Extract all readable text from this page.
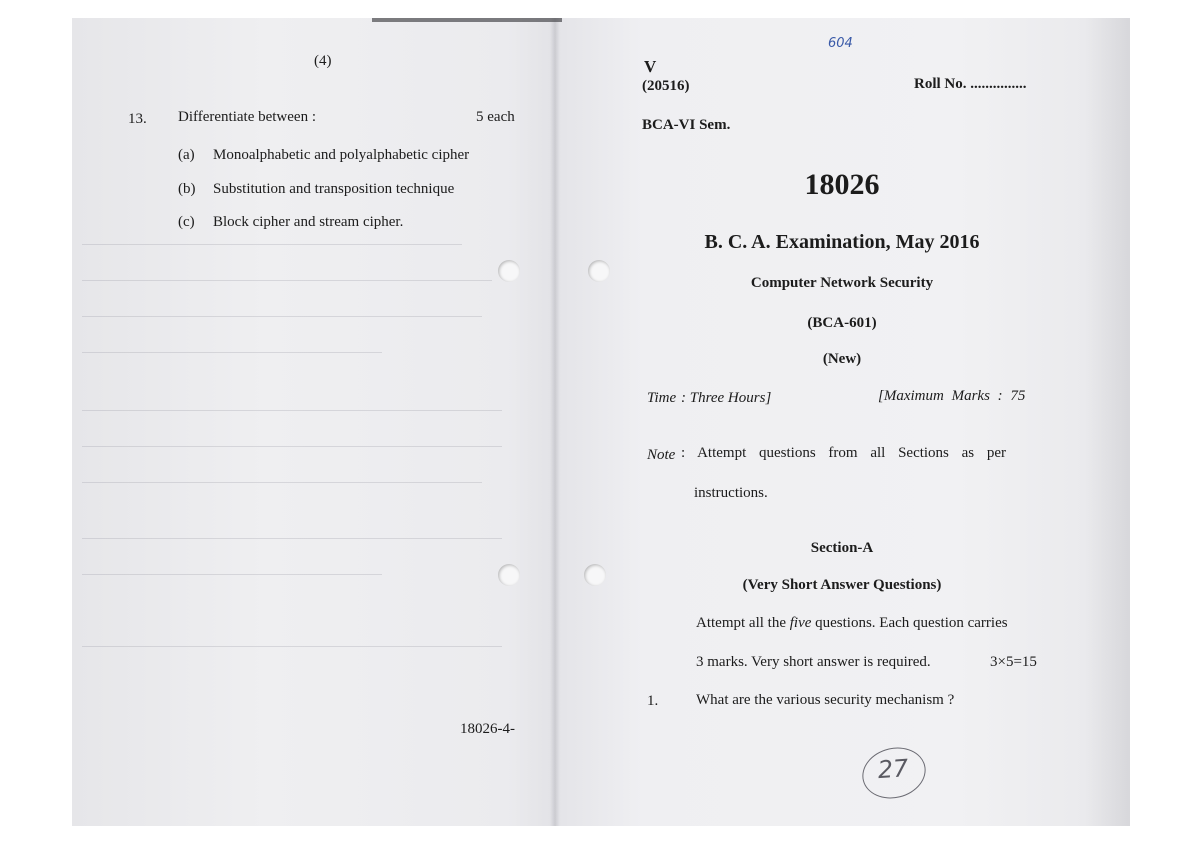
(4)
13. Differentiate between :	5 each
(a) Monoalphabetic and polyalphabetic cipher
(b) Substitution and transposition technique
(c) Block cipher and stream cipher.
18026-4-
604
V
(20516)	Roll No. ...............
BCA-VI Sem.
18026
B. C. A. Examination, May 2016
Computer Network Security
(BCA-601)
(New)
Time : Three Hours]	[Maximum Marks : 75
Note : Attempt questions from all Sections as per
instructions.
Section-A
(Very Short Answer Questions)
Attempt all the five questions. Each question carries
3 marks. Very short answer is required.	3×5=15
1.	What are the various security mechanism ?
27
